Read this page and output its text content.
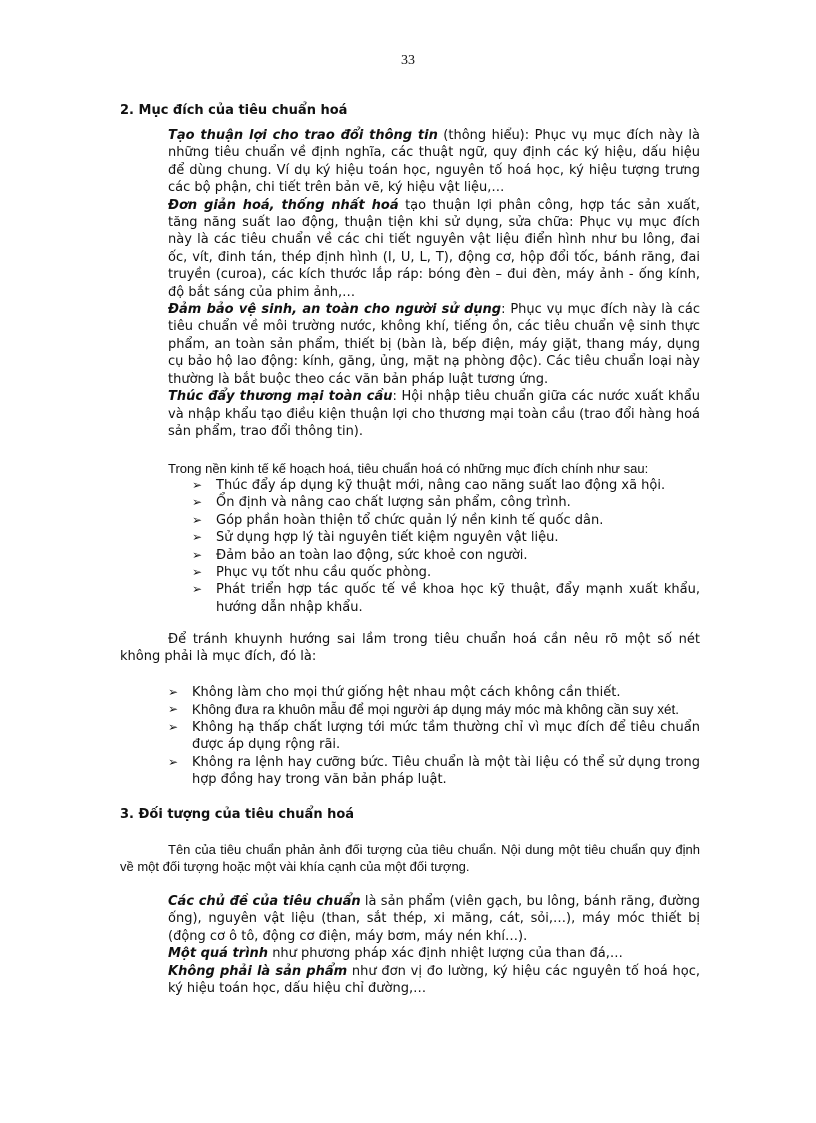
33
2. Mục đích của tiêu chuẩn hoá

Tạo thuận lợi cho trao đổi thông tin (thông hiểu): Phục vụ mục đích này là những tiêu chuẩn về định nghĩa, các thuật ngữ, quy định các ký hiệu, dấu hiệu để dùng chung. Ví dụ ký hiệu toán học, nguyên tố hoá học, ký hiệu tượng trưng các bộ phận, chi tiết trên bản vẽ, ký hiệu vật liệu,…

Đơn giản hoá, thống nhất hoá tạo thuận lợi phân công, hợp tác sản xuất, tăng năng suất lao động, thuận tiện khi sử dụng, sửa chữa: Phục vụ mục đích này là các tiêu chuẩn về các chi tiết nguyên vật liệu điển hình như bu lông, đai ốc, vít, đinh tán, thép định hình (I, U, L, T), động cơ, hộp đổi tốc, bánh răng, đai truyền (curoa), các kích thước lắp ráp: bóng đèn – đui đèn, máy ảnh - ống kính, độ bắt sáng của phim ảnh,…

Đảm bảo vệ sinh, an toàn cho người sử dụng: Phục vụ mục đích này là các tiêu chuẩn về môi trường nước, không khí, tiếng ồn, các tiêu chuẩn vệ sinh thực phẩm, an toàn sản phẩm, thiết bị (bàn là, bếp điện, máy giặt, thang máy, dụng cụ bảo hộ lao động: kính, găng, ủng, mặt nạ phòng độc). Các tiêu chuẩn loại này thường là bắt buộc theo các văn bản pháp luật tương ứng.

Thúc đẩy thương mại toàn cầu: Hội nhập tiêu chuẩn giữa các nước xuất khẩu và nhập khẩu tạo điều kiện thuận lợi cho thương mại toàn cầu (trao đổi hàng hoá sản phẩm, trao đổi thông tin).

Trong nền kinh tế kế hoạch hoá, tiêu chuẩn hoá có những mục đích chính như sau:
➢ Thúc đẩy áp dụng kỹ thuật mới, nâng cao năng suất lao động xã hội.
➢ Ổn định và nâng cao chất lượng sản phẩm, công trình.
➢ Góp phần hoàn thiện tổ chức quản lý nền kinh tế quốc dân.
➢ Sử dụng hợp lý tài nguyên tiết kiệm nguyên vật liệu.
➢ Đảm bảo an toàn lao động, sức khoẻ con người.
➢ Phục vụ tốt nhu cầu quốc phòng.
➢ Phát triển hợp tác quốc tế về khoa học kỹ thuật, đẩy mạnh xuất khẩu, hướng dẫn nhập khẩu.
Để tránh khuynh hướng sai lầm trong tiêu chuẩn hoá cần nêu rõ một số nét không phải là mục đích, đó là:
➢ Không làm cho mọi thứ giống hệt nhau một cách không cần thiết.
➢ Không đưa ra khuôn mẫu để mọi người áp dụng máy móc mà không cần suy xét.
➢ Không hạ thấp chất lượng tới mức tầm thường chỉ vì mục đích để tiêu chuẩn được áp dụng rộng rãi.
➢ Không ra lệnh hay cưỡng bức. Tiêu chuẩn là một tài liệu có thể sử dụng trong hợp đồng hay trong văn bản pháp luật.
3. Đối tượng của tiêu chuẩn hoá
Tên của tiêu chuẩn phản ảnh đối tượng của tiêu chuẩn. Nội dung một tiêu chuẩn quy định về một đối tượng hoặc một vài khía cạnh của một đối tượng.

Các chủ đề của tiêu chuẩn là sản phẩm (viên gạch, bu lông, bánh răng, đường ống), nguyên vật liệu (than, sắt thép, xi măng, cát, sỏi,…), máy móc thiết bị (động cơ ô tô, động cơ điện, máy bơm, máy nén khí…).

Một quá trình như phương pháp xác định nhiệt lượng của than đá,…

Không phải là sản phẩm như đơn vị đo lường, ký hiệu các nguyên tố hoá học, ký hiệu toán học, dấu hiệu chỉ đường,…
